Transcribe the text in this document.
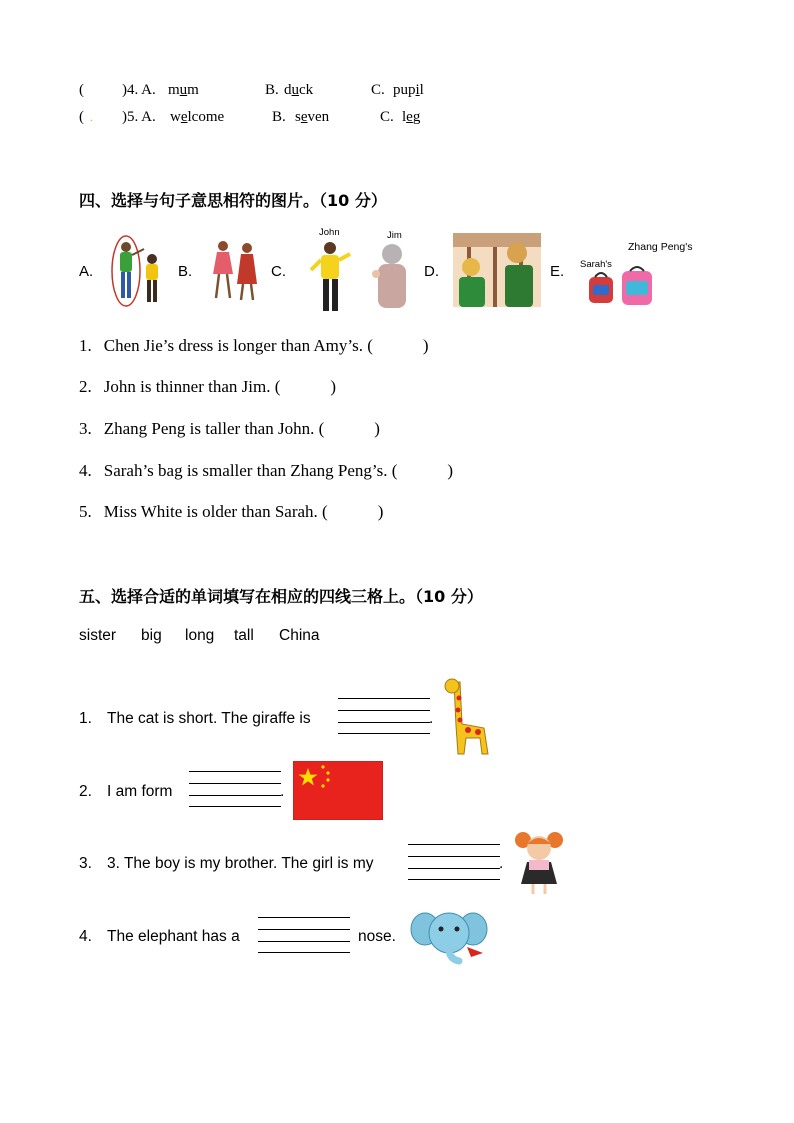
(	)4. A. mum	B. duck	C. pupil
( . )5. A. welcome	B. seven	C. leg
四、选择与句子意思相符的图片。（10 分）
A.	B.	C.
John	Jim
D.	E. Sarah's
Zhang Peng's
1. Chen Jie’s dress is longer than Amy’s. (	)
2. John is thinner than Jim. (	)
3. Zhang Peng is taller than John. (	)
4. Sarah’s bag is smaller than Zhang Peng’s. (	)
5. Miss White is older than Sarah. (	)
五、选择合适的单词填写在相应的四线三格上。（10 分）
sister big long tall China
1. The cat is short. The giraffe is	.
2. I am form	.
3. 3. The boy is my brother. The girl is my	.
4. The elephant has a	nose.
